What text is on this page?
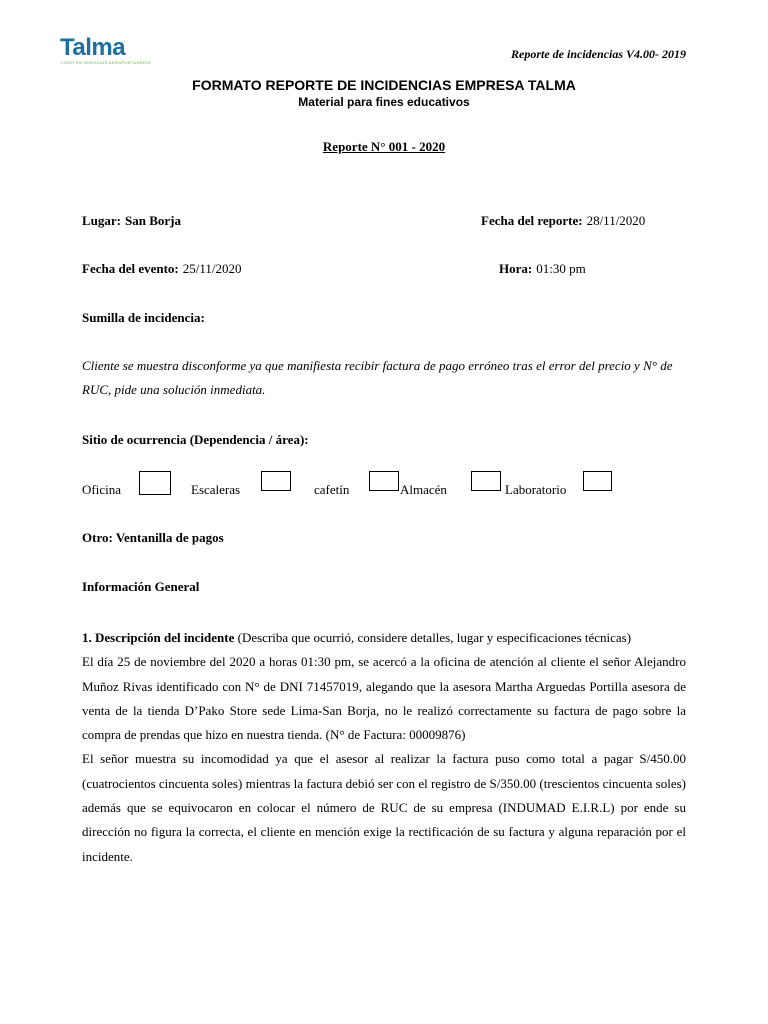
Talma
LÍDER EN SERVICIOS AEROPORTUARIOS
Reporte de incidencias V4.00- 2019
FORMATO REPORTE DE INCIDENCIAS EMPRESA TALMA
Material para fines educativos
Reporte N° 001 - 2020
Lugar: San Borja	Fecha del reporte: 28/11/2020
Fecha del evento: 25/11/2020	Hora: 01:30 pm
Sumilla de incidencia:
Cliente se muestra disconforme ya que manifiesta recibir factura de pago erróneo tras el error del precio y N° de RUC, pide una solución inmediata.
Sitio de ocurrencia (Dependencia / área):
Oficina	Escaleras	cafetín	Almacén	Laboratorio
Otro: Ventanilla de pagos
Información General

1. Descripción del incidente (Describa que ocurrió, considere detalles, lugar y especificaciones técnicas)

El día 25 de noviembre del 2020 a horas 01:30 pm, se acercó a la oficina de atención al cliente el señor Alejandro Muñoz Rivas identificado con N° de DNI 71457019, alegando que la asesora Martha Arguedas Portilla asesora de venta de la tienda D’Pako Store sede Lima-San Borja, no le realizó correctamente su factura de pago sobre la compra de prendas que hizo en nuestra tienda. (N° de Factura: 00009876)

El señor muestra su incomodidad ya que el asesor al realizar la factura puso como total a pagar S/450.00 (cuatrocientos cincuenta soles) mientras la factura debió ser con el registro de S/350.00 (trescientos cincuenta soles) además que se equivocaron en colocar el número de RUC de su empresa (INDUMAD E.I.R.L) por ende su dirección no figura la correcta, el cliente en mención exige la rectificación de su factura y alguna reparación por el incidente.
